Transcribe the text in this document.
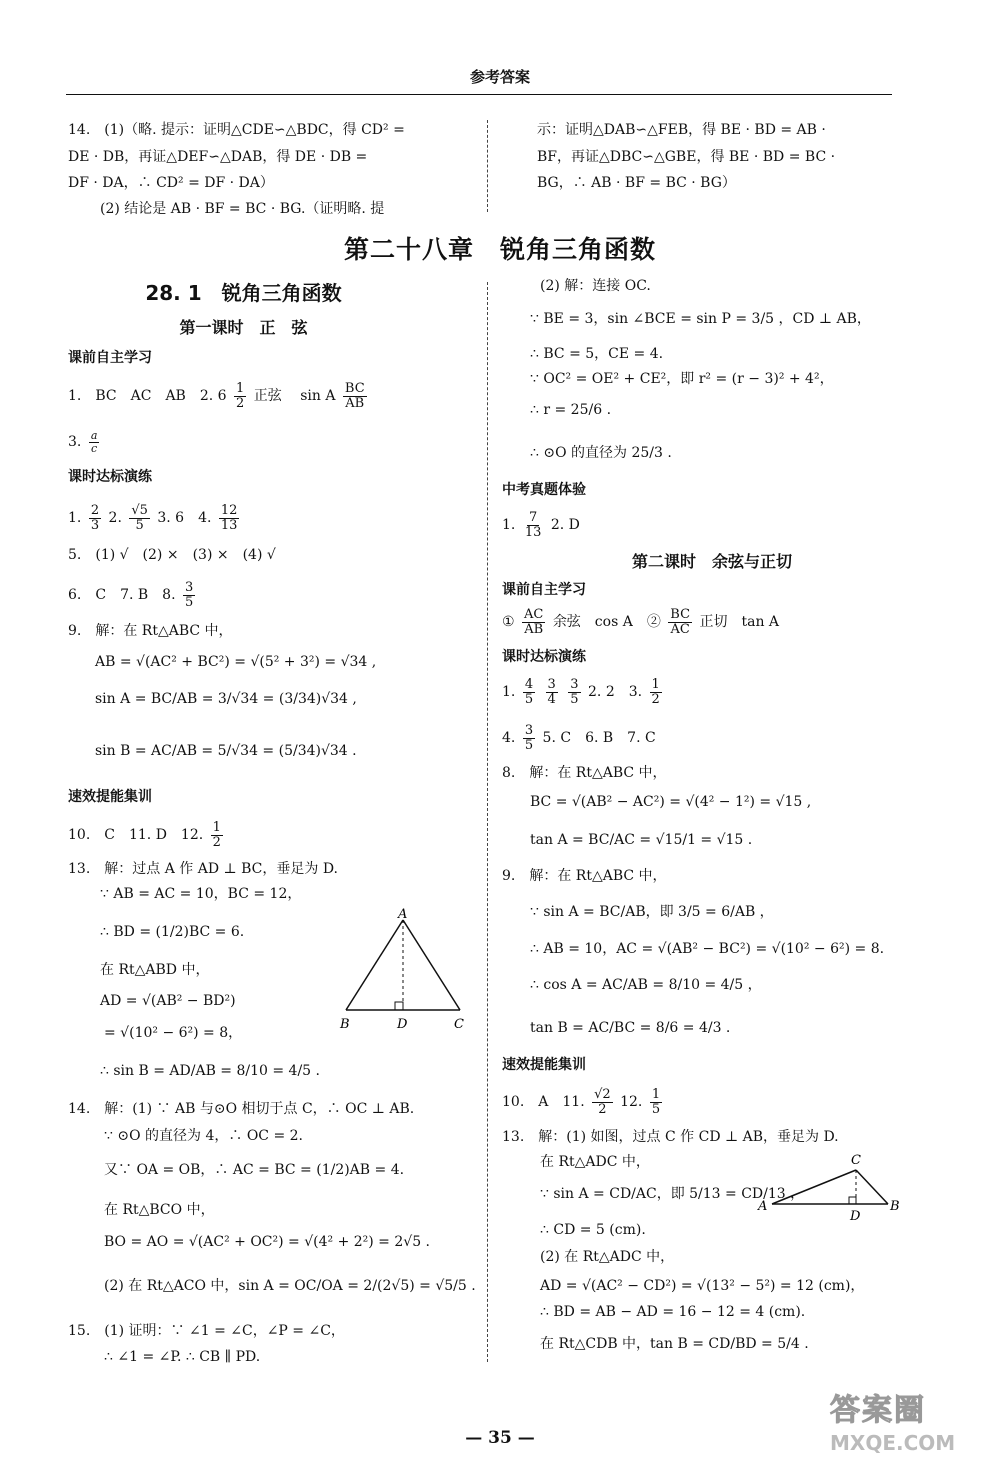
参考答案
14.　(1)（略. 提示：证明△CDE∽△BDC，得 CD² =
DE · DB，再证△DEF∽△DAB，得 DE · DB =
DF · DA，∴ CD² = DF · DA）
(2) 结论是 AB · BF = BC · BG.（证明略. 提
示：证明△DAB∽△FEB，得 BE · BD = AB ·
BF，再证△DBC∽△GBE，得 BE · BD = BC ·
BG，∴ AB · BF = BC · BG）
第二十八章　锐角三角函数
28. 1　锐角三角函数
第一课时　正　弦
课前自主学习
1.　BC　AC　AB　2. $6 \frac{1}{2}$ 正弦　 sin A $\frac{BC}{AB}$
3. $\frac{a}{c}$
课时达标演练
1. $\frac{2}{3} 2$. $\frac{√5}{5} 3$. 6　4. $\frac{12}{13}$
5.　(1) √　(2) ×　(3) ×　(4) √
6.　C　7. B　8. $\frac{3}{5}$
9.　解：在 Rt△ABC 中，
AB = √(AC² + BC²) = √(5² + 3²) = √34 ,
sin A = BC/AB = 3/√34 = (3/34)√34 ,
sin B = AC/AB = 5/√34 = (5/34)√34 .
速效提能集训
10.　C　11. D　12. $\frac{1}{2}$
13.　解：过点 A 作 AD ⊥ BC，垂足为 D.
∵ AB = AC = 10，BC = 12，
∴ BD = (1/2)BC = 6.
在 Rt△ABD 中，
AD = √(AB² − BD²)
= √(10² − 6²) = 8，
∴ sin B = AD/AB = 8/10 = 4/5 .
A
B	D	C
14.　解：(1) ∵ AB 与⊙O 相切于点 C，∴ OC ⊥ AB.
∵ ⊙O 的直径为 4，∴ OC = 2.
又∵ OA = OB，∴ AC = BC = (1/2)AB = 4.
在 Rt△BCO 中，
BO = AO = √(AC² + OC²) = √(4² + 2²) = 2√5 .
(2) 在 Rt△ACO 中，sin A = OC/OA = 2/(2√5) = √5/5 .
15.　(1) 证明：∵ ∠1 = ∠C，∠P = ∠C，
∴ ∠1 = ∠P. ∴ CB ∥ PD.
(2) 解：连接 OC.
∵ BE = 3，sin ∠BCE = sin P = 3/5 ，CD ⊥ AB，
∴ BC = 5，CE = 4.
∵ OC² = OE² + CE²，即 r² = (r − 3)² + 4²，
∴ r = 25/6 .
∴ ⊙O 的直径为 25/3 .
中考真题体验
1. $\frac{7}{13} 2$. D
第二课时　余弦与正切
课前自主学习
① $\frac{AC}{AB}$ 余弦　cos A　② $\frac{BC}{AC}$ 正切　tan A
课时达标演练
1. $\frac{4}{5}$
$\frac{3}{4}$
$\frac{3}{5} 2$. 2　3. $\frac{1}{2}$
4. $\frac{3}{5} 5$. C　6. B　7. C
8.　解：在 Rt△ABC 中，
BC = √(AB² − AC²) = √(4² − 1²) = √15 ,
tan A = BC/AC = √15/1 = √15 .
9.　解：在 Rt△ABC 中，
∵ sin A = BC/AB，即 3/5 = 6/AB ，
∴ AB = 10，AC = √(AB² − BC²) = √(10² − 6²) = 8.
∴ cos A = AC/AB = 8/10 = 4/5 ，
tan B = AC/BC = 8/6 = 4/3 .
速效提能集训
10.　A　11. $\frac{√2}{2} 12$. $\frac{1}{5}$
13.　解：(1) 如图，过点 C 作 CD ⊥ AB，垂足为 D.
在 Rt△ADC 中，
∵ sin A = CD/AC，即 5/13 = CD/13 ，
∴ CD = 5 (cm).
(2) 在 Rt△ADC 中，
AD = √(AC² − CD²) = √(13² − 5²) = 12 (cm)，
∴ BD = AB − AD = 16 − 12 = 4 (cm).
在 Rt△CDB 中，tan B = CD/BD = 5/4 .
C
A	B
D
— 35 —
答案圈
MXQE.COM
